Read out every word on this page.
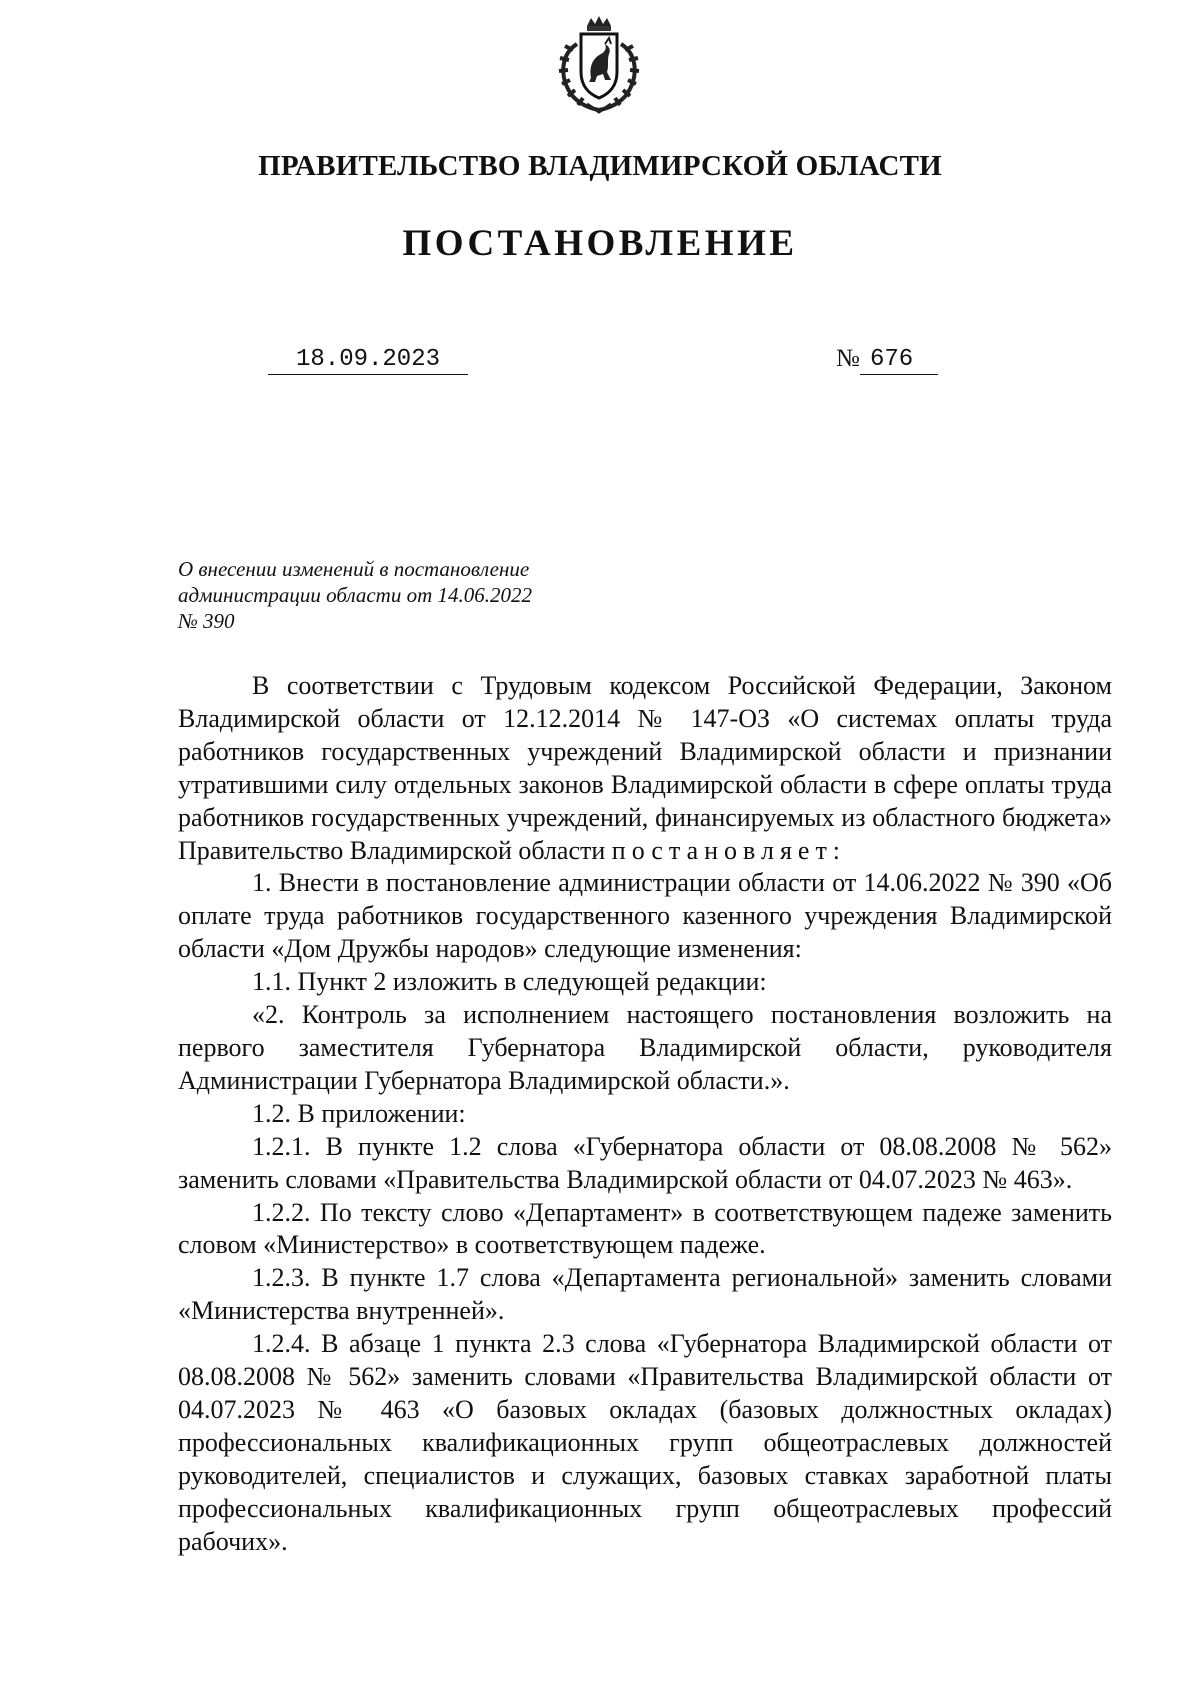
ПРАВИТЕЛЬСТВО ВЛАДИМИРСКОЙ ОБЛАСТИ
ПОСТАНОВЛЕНИЕ
18.09.2023	№ 676
О внесении изменений в постановление
администрации области от 14.06.2022
№ 390

В соответствии с Трудовым кодексом Российской Федерации, Законом Владимирской области от 12.12.2014 № 147-ОЗ «О системах оплаты труда работников государственных учреждений Владимирской области и признании утратившими силу отдельных законов Владимирской области в сфере оплаты труда работников государственных учреждений, финансируемых из областного бюджета» Правительство Владимирской области постановляет:

1. Внести в постановление администрации области от 14.06.2022 № 390 «Об оплате труда работников государственного казенного учреждения Владимирской области «Дом Дружбы народов» следующие изменения:

1.1. Пункт 2 изложить в следующей редакции:

«2. Контроль за исполнением настоящего постановления возложить на первого заместителя Губернатора Владимирской области, руководителя Администрации Губернатора Владимирской области.».

1.2. В приложении:

1.2.1. В пункте 1.2 слова «Губернатора области от 08.08.2008 № 562» заменить словами «Правительства Владимирской области от 04.07.2023 № 463».

1.2.2. По тексту слово «Департамент» в соответствующем падеже заменить словом «Министерство» в соответствующем падеже.

1.2.3. В пункте 1.7 слова «Департамента региональной» заменить словами «Министерства внутренней».

1.2.4. В абзаце 1 пункта 2.3 слова «Губернатора Владимирской области от 08.08.2008 № 562» заменить словами «Правительства Владимирской области от 04.07.2023 № 463 «О базовых окладах (базовых должностных окладах) профессиональных квалификационных групп общеотраслевых должностей руководителей, специалистов и служащих, базовых ставках заработной платы профессиональных квалификационных групп общеотраслевых профессий рабочих».
